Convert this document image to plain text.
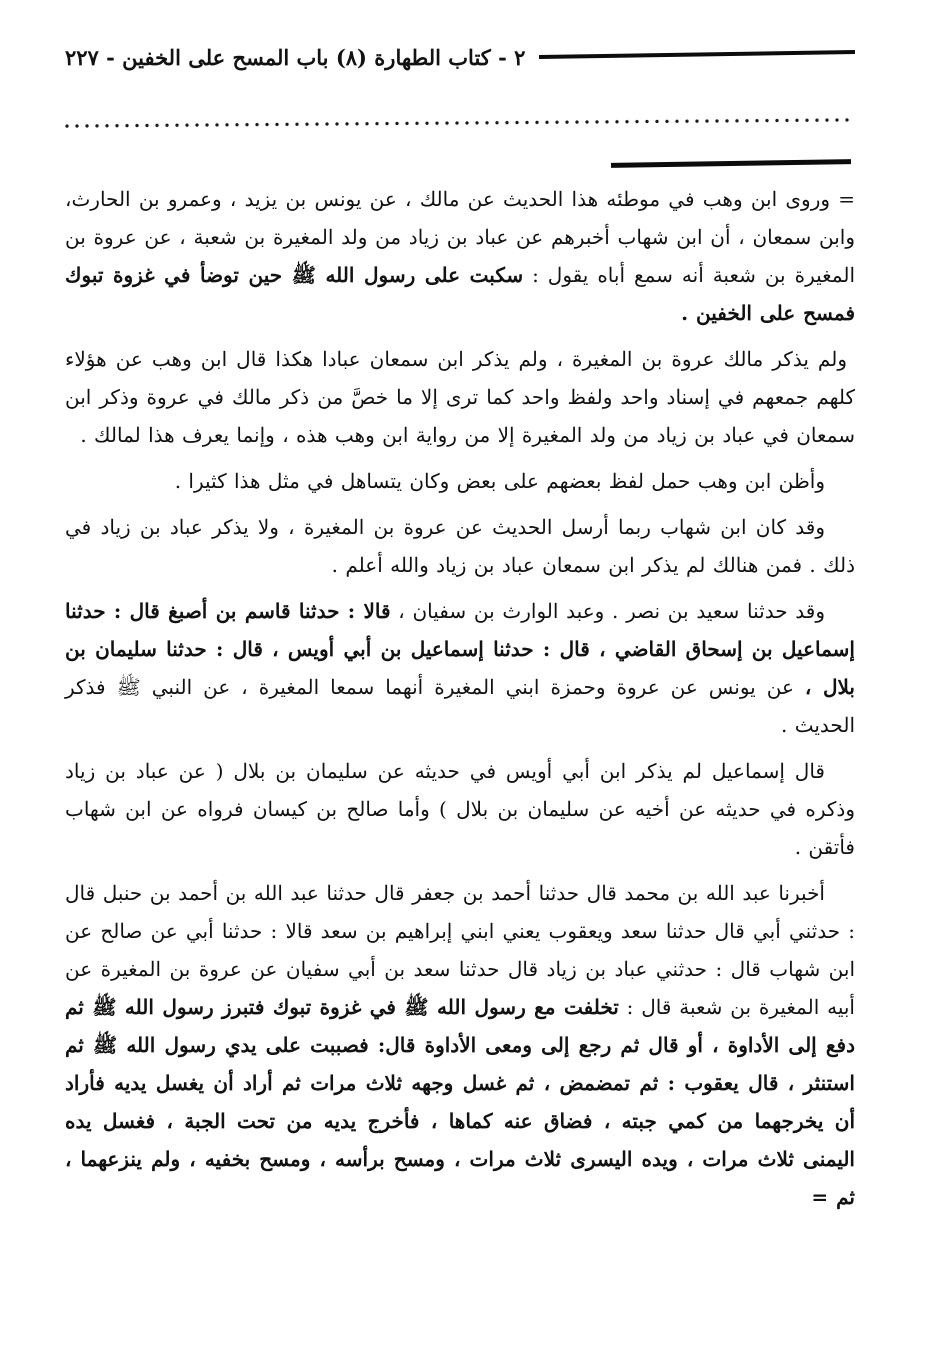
٢ - كتاب الطهارة (٨) باب المسح على الخفين - ٢٢٧

= وروى ابن وهب في موطئه هذا الحديث عن مالك ، عن يونس بن يزيد ، وعمرو بن الحارث، وابن سمعان ، أن ابن شهاب أخبرهم عن عباد بن زياد من ولد المغيرة بن شعبة ، عن عروة بن المغيرة بن شعبة أنه سمع أباه يقول : سكبت على رسول الله ﷺ حين توضأ في غزوة تبوك فمسح على الخفين .

ولم يذكر مالك عروة بن المغيرة ، ولم يذكر ابن سمعان عبادا هكذا قال ابن وهب عن هؤلاء كلهم جمعهم في إسناد واحد ولفظ واحد كما ترى إلا ما خصَّ من ذكر مالك في عروة وذكر ابن سمعان في عباد بن زياد من ولد المغيرة إلا من رواية ابن وهب هذه ، وإنما يعرف هذا لمالك .

وأظن ابن وهب حمل لفظ بعضهم على بعض وكان يتساهل في مثل هذا كثيرا .

وقد كان ابن شهاب ربما أرسل الحديث عن عروة بن المغيرة ، ولا يذكر عباد بن زياد في ذلك . فمن هنالك لم يذكر ابن سمعان عباد بن زياد والله أعلم .

وقد حدثنا سعيد بن نصر . وعبد الوارث بن سفيان ، قالا : حدثنا قاسم بن أصبغ قال : حدثنا إسماعيل بن إسحاق القاضي ، قال : حدثنا إسماعيل بن أبي أويس ، قال : حدثنا سليمان بن بلال ، عن يونس عن عروة وحمزة ابني المغيرة أنهما سمعا المغيرة ، عن النبي ﷺ فذكر الحديث .

قال إسماعيل لم يذكر ابن أبي أويس في حديثه عن سليمان بن بلال ( عن عباد بن زياد وذكره في حديثه عن أخيه عن سليمان بن بلال ) وأما صالح بن كيسان فرواه عن ابن شهاب فأتقن .

أخبرنا عبد الله بن محمد قال حدثنا أحمد بن جعفر قال حدثنا عبد الله بن أحمد بن حنبل قال : حدثني أبي قال حدثنا سعد ويعقوب يعني ابني إبراهيم بن سعد قالا : حدثنا أبي عن صالح عن ابن شهاب قال : حدثني عباد بن زياد قال حدثنا سعد بن أبي سفيان عن عروة بن المغيرة عن أبيه المغيرة بن شعبة قال : تخلفت مع رسول الله ﷺ في غزوة تبوك فتبرز رسول الله ﷺ ثم دفع إلى الأداوة ، أو قال ثم رجع إلى ومعى الأداوة قال: فصببت على يدي رسول الله ﷺ ثم استنثر ، قال يعقوب : ثم تمضمض ، ثم غسل وجهه ثلاث مرات ثم أراد أن يغسل يديه فأراد أن يخرجهما من كمي جبته ، فضاق عنه كماها ، فأخرج يديه من تحت الجبة ، فغسل يده اليمنى ثلاث مرات ، ويده اليسرى ثلاث مرات ، ومسح برأسه ، ومسح بخفيه ، ولم ينزعهما ، ثم =
